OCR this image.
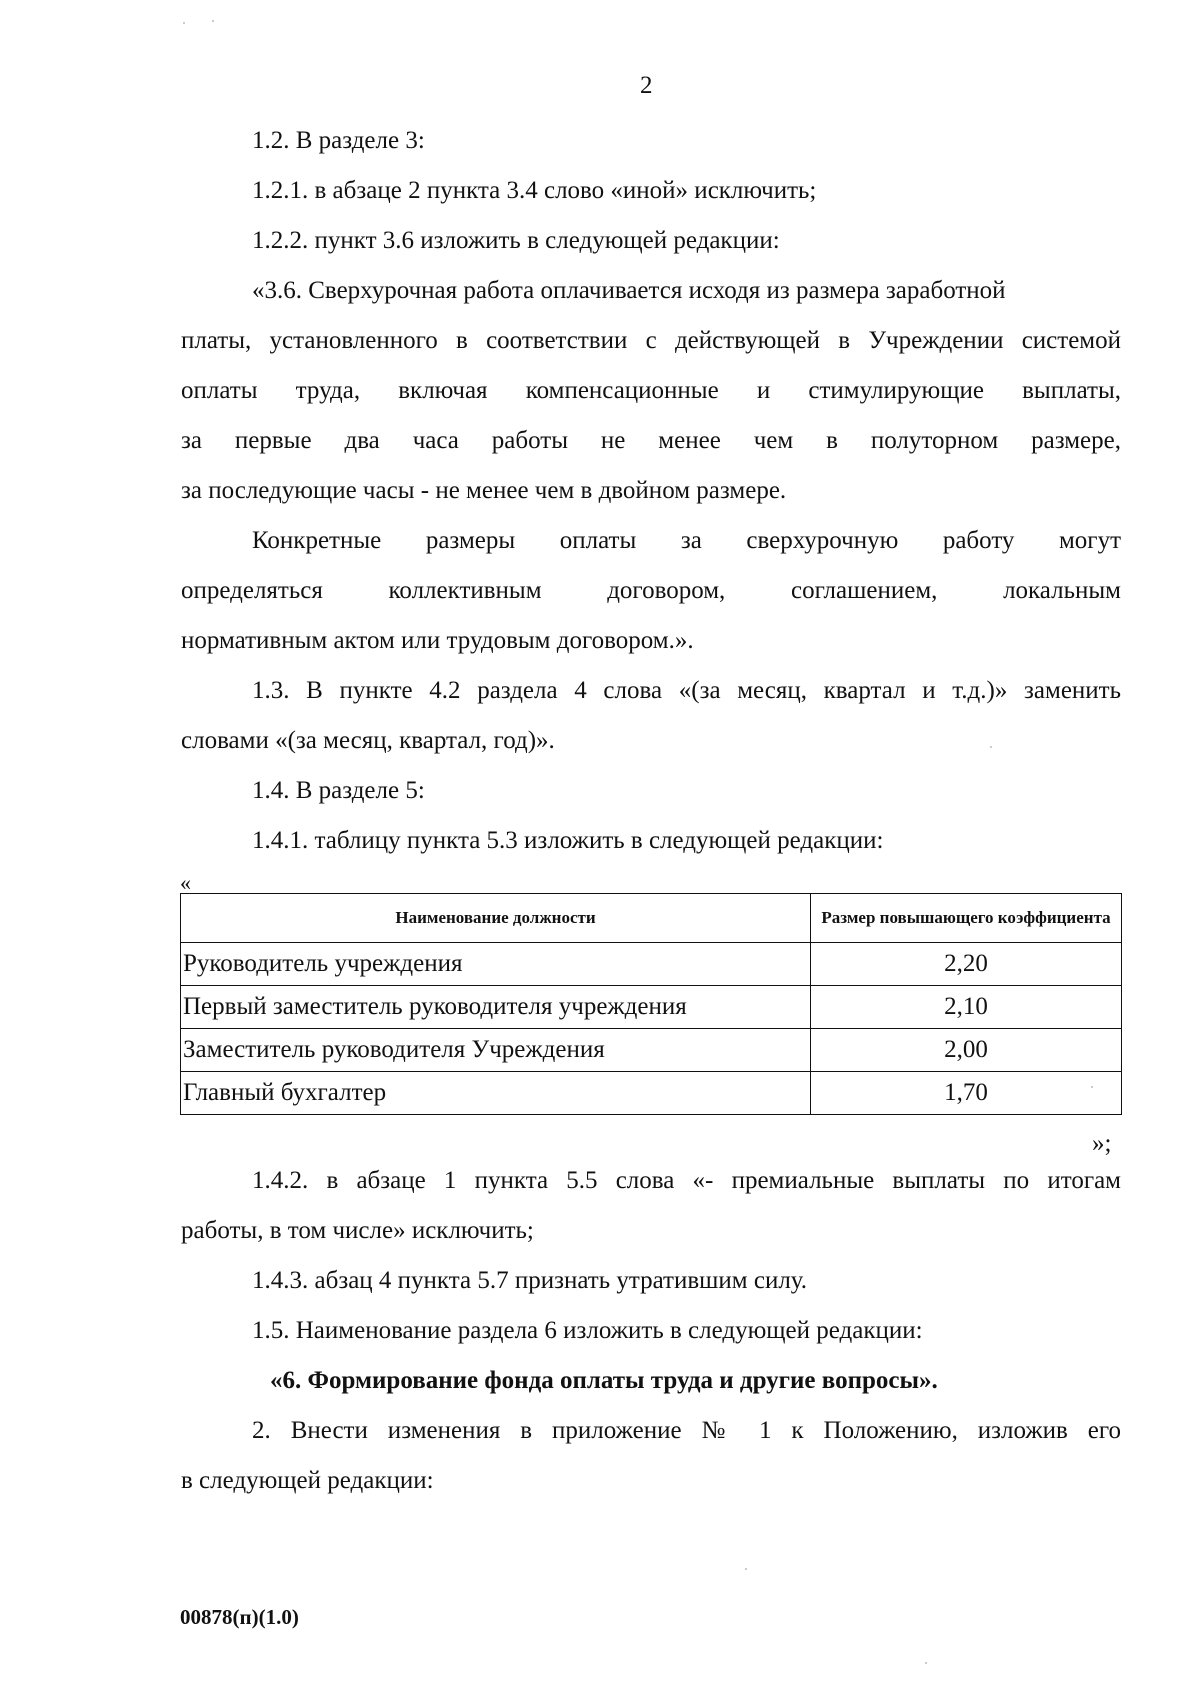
2
1.2. В разделе 3:
1.2.1. в абзаце 2 пункта 3.4 слово «иной» исключить;
1.2.2. пункт 3.6 изложить в следующей редакции:
«3.6. Сверхурочная работа оплачивается исходя из размера заработной
платы, установленного в соответствии с действующей в Учреждении системой
оплаты труда, включая компенсационные и стимулирующие выплаты,
за первые два часа работы не менее чем в полуторном размере,
за последующие часы - не менее чем в двойном размере.
Конкретные размеры оплаты за сверхурочную работу могут
определяться коллективным договором, соглашением, локальным
нормативным актом или трудовым договором.».
1.3. В пункте 4.2 раздела 4 слова «(за месяц, квартал и т.д.)» заменить
словами «(за месяц, квартал, год)».
1.4. В разделе 5:
1.4.1. таблицу пункта 5.3 изложить в следующей редакции:
«
Наименование должности	Размер повышающего коэффициента
Руководитель учреждения	2,20
Первый заместитель руководителя учреждения	2,10
Заместитель руководителя Учреждения	2,00
Главный бухгалтер	1,70
»;
1.4.2. в абзаце 1 пункта 5.5 слова «- премиальные выплаты по итогам
работы, в том числе» исключить;
1.4.3. абзац 4 пункта 5.7 признать утратившим силу.
1.5. Наименование раздела 6 изложить в следующей редакции:
«6. Формирование фонда оплаты труда и другие вопросы».
2. Внести изменения в приложение № 1 к Положению, изложив его
в следующей редакции:
00878(п)(1.0)
